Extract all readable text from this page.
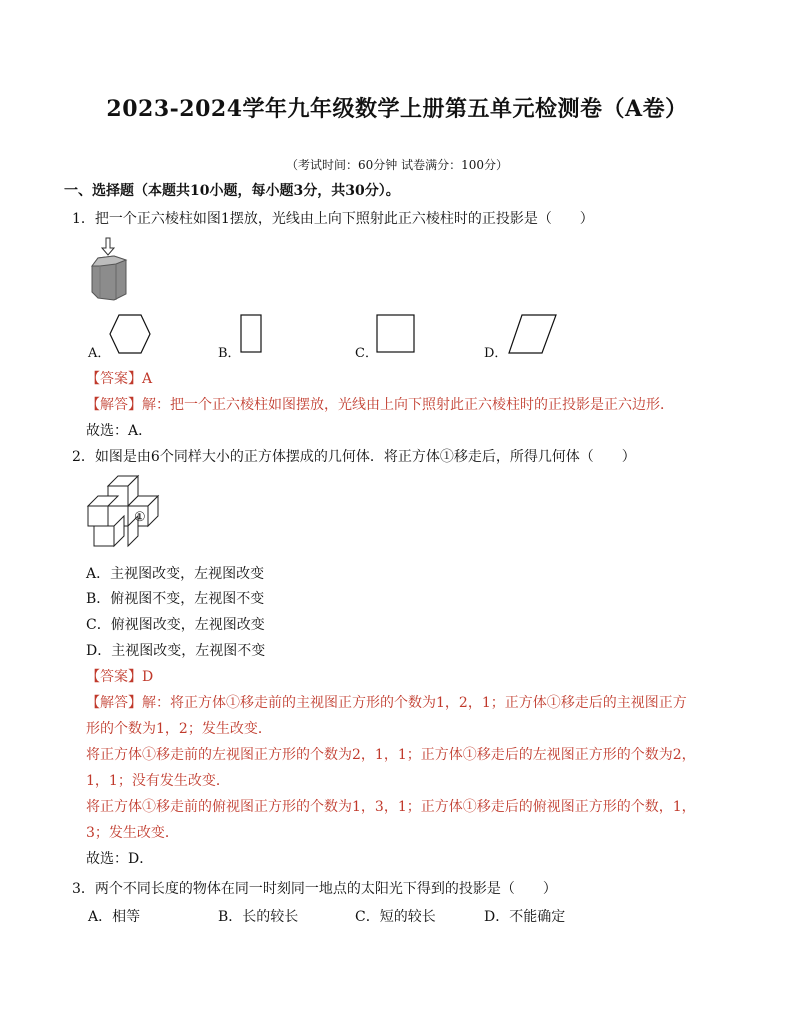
2023-2024学年九年级数学上册第五单元检测卷（A卷）
（考试时间：60分钟 试卷满分：100分）
一、选择题（本题共10小题，每小题3分，共30分）。
1．把一个正六棱柱如图1摆放，光线由上向下照射此正六棱柱时的正投影是（　　）
A．	B．	C．	D．
【答案】A
【解答】解：把一个正六棱柱如图摆放，光线由上向下照射此正六棱柱时的正投影是正六边形．
故选：A．
2．如图是由6个同样大小的正方体摆成的几何体．将正方体①移走后，所得几何体（　　）
①
A．主视图改变，左视图改变
B．俯视图不变，左视图不变
C．俯视图改变，左视图改变
D．主视图改变，左视图不变
【答案】D
【解答】解：将正方体①移走前的主视图正方形的个数为1，2，1；正方体①移走后的主视图正方
形的个数为1，2；发生改变．
将正方体①移走前的左视图正方形的个数为2，1，1；正方体①移走后的左视图正方形的个数为2，
1，1；没有发生改变．
将正方体①移走前的俯视图正方形的个数为1，3，1；正方体①移走后的俯视图正方形的个数，1，
3；发生改变．
故选：D．
3．两个不同长度的物体在同一时刻同一地点的太阳光下得到的投影是（　　）
A．相等	B．长的较长	C．短的较长	D．不能确定
